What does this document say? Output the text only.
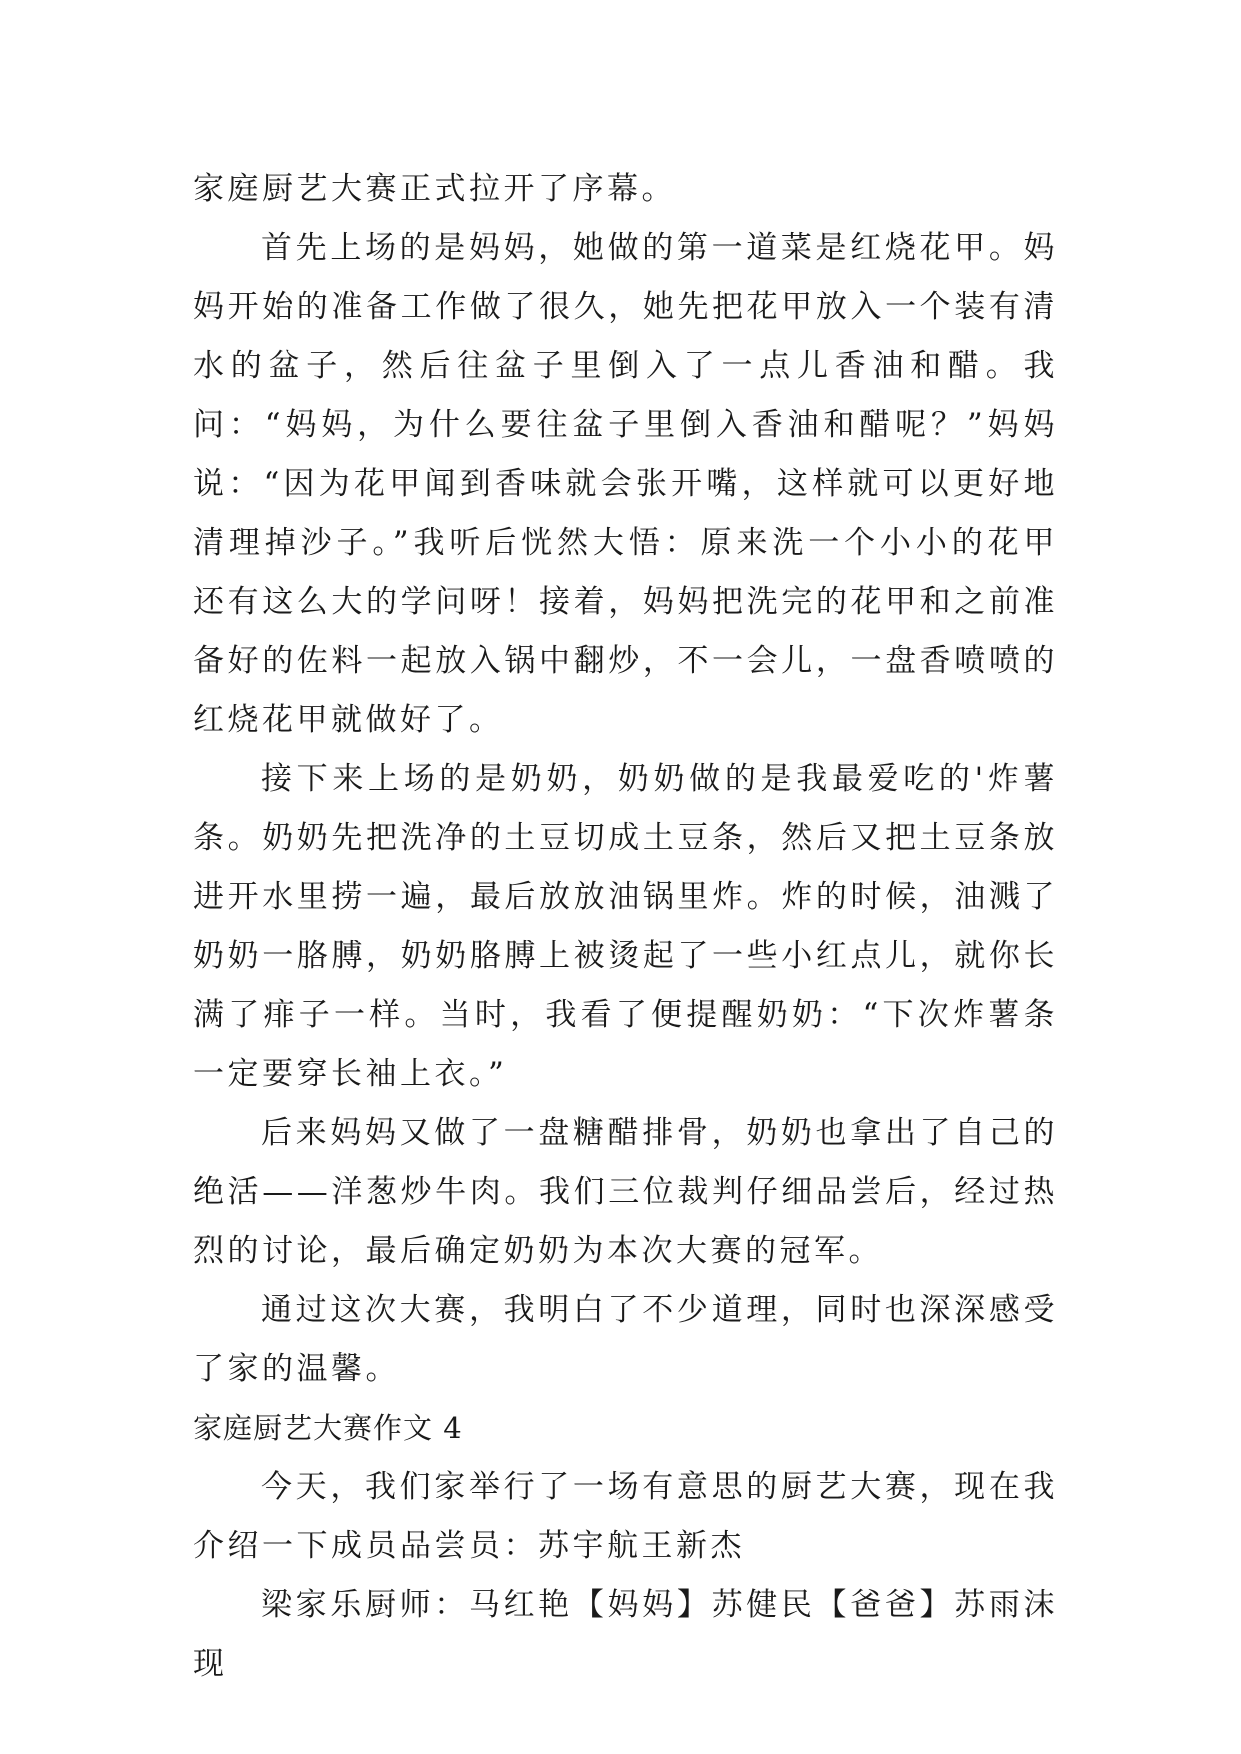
家庭厨艺大赛正式拉开了序幕。

首先上场的是妈妈，她做的第一道菜是红烧花甲。妈妈开始的准备工作做了很久，她先把花甲放入一个装有清水的盆子，然后往盆子里倒入了一点儿香油和醋。我问：“妈妈，为什么要往盆子里倒入香油和醋呢？”妈妈说：“因为花甲闻到香味就会张开嘴，这样就可以更好地清理掉沙子。”我听后恍然大悟：原来洗一个小小的花甲还有这么大的学问呀！接着，妈妈把洗完的花甲和之前准备好的佐料一起放入锅中翻炒，不一会儿，一盘香喷喷的红烧花甲就做好了。

接下来上场的是奶奶，奶奶做的是我最爱吃的'炸薯条。奶奶先把洗净的土豆切成土豆条，然后又把土豆条放进开水里捞一遍，最后放放油锅里炸。炸的时候，油溅了奶奶一胳膊，奶奶胳膊上被烫起了一些小红点儿，就你长满了痱子一样。当时，我看了便提醒奶奶：“下次炸薯条一定要穿长袖上衣。”

后来妈妈又做了一盘糖醋排骨，奶奶也拿出了自己的绝活——洋葱炒牛肉。我们三位裁判仔细品尝后，经过热烈的讨论，最后确定奶奶为本次大赛的冠军。

通过这次大赛，我明白了不少道理，同时也深深感受了家的温馨。

家庭厨艺大赛作文 4

今天，我们家举行了一场有意思的厨艺大赛，现在我介绍一下成员品尝员：苏宇航王新杰

梁家乐厨师：马红艳【妈妈】苏健民【爸爸】苏雨沫现
